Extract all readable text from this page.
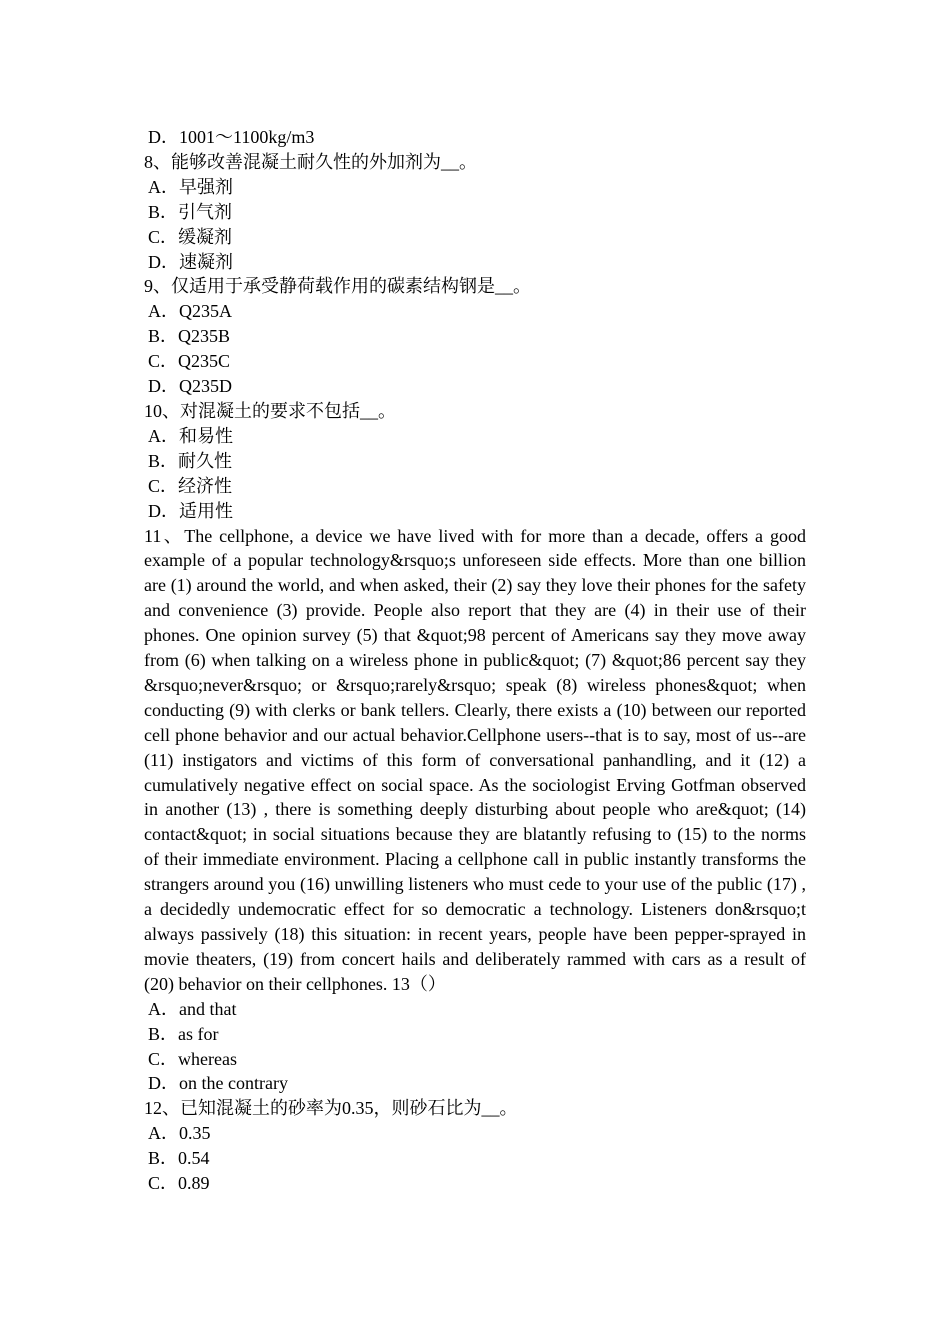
D．1001～1100kg/m3

8、能够改善混凝土耐久性的外加剂为__。

A．早强剂

B．引气剂

C．缓凝剂

D．速凝剂

9、仅适用于承受静荷载作用的碳素结构钢是__。

A．Q235A

B．Q235B

C．Q235C

D．Q235D

10、对混凝土的要求不包括__。

A．和易性

B．耐久性

C．经济性

D．适用性

11、The cellphone, a device we have lived with for more than a decade, offers a good example of a popular technology&rsquo;s unforeseen side effects. More than one billion are (1) around the world, and when asked, their (2) say they love their phones for the safety and convenience (3) provide. People also report that they are (4) in their use of their phones. One opinion survey (5) that &quot;98 percent of Americans say they move away from (6) when talking on a wireless phone in public&quot; (7) &quot;86 percent say they &rsquo;never&rsquo; or &rsquo;rarely&rsquo; speak (8) wireless phones&quot; when conducting (9) with clerks or bank tellers. Clearly, there exists a (10) between our reported cell phone behavior and our actual behavior.Cellphone users--that is to say, most of us--are (11) instigators and victims of this form of conversational panhandling, and it (12) a cumulatively negative effect on social space. As the sociologist Erving Gotfman observed in another (13) , there is something deeply disturbing about people who are&quot; (14) contact&quot; in social situations because they are blatantly refusing to (15) to the norms of their immediate environment. Placing a cellphone call in public instantly transforms the strangers around you (16) unwilling listeners who must cede to your use of the public (17) , a decidedly undemocratic effect for so democratic a technology. Listeners don&rsquo;t always passively (18) this situation: in recent years, people have been pepper-sprayed in movie theaters, (19) from concert hails and deliberately rammed with cars as a result of (20) behavior on their cellphones. 13（）

A．and that

B．as for

C．whereas

D．on the contrary

12、已知混凝土的砂率为0.35，则砂石比为__。

A．0.35

B．0.54

C．0.89
